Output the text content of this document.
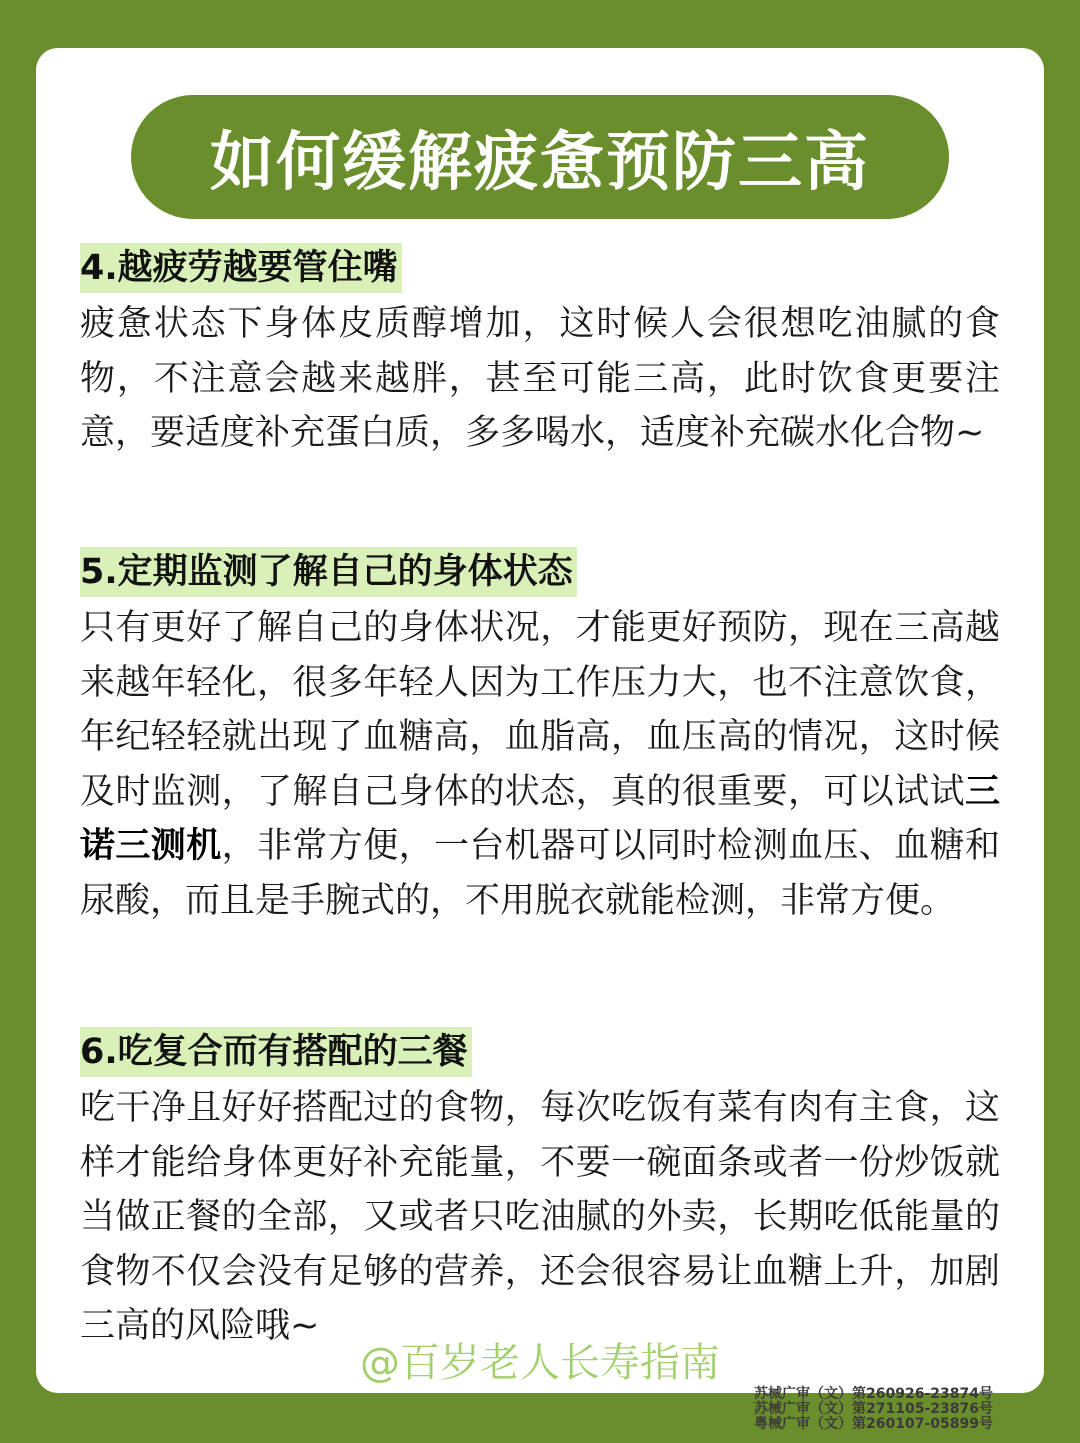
如何缓解疲惫预防三高
4.越疲劳越要管住嘴
疲惫状态下身体皮质醇增加，这时候人会很想吃油腻的食物，不注意会越来越胖，甚至可能三高，此时饮食更要注意，要适度补充蛋白质，多多喝水，适度补充碳水化合物~
5.定期监测了解自己的身体状态
只有更好了解自己的身体状况，才能更好预防，现在三高越来越年轻化，很多年轻人因为工作压力大，也不注意饮食，年纪轻轻就出现了血糖高，血脂高，血压高的情况，这时候及时监测，了解自己身体的状态，真的很重要，可以试试三诺三测机，非常方便，一台机器可以同时检测血压、血糖和尿酸，而且是手腕式的，不用脱衣就能检测，非常方便。
6.吃复合而有搭配的三餐
吃干净且好好搭配过的食物，每次吃饭有菜有肉有主食，这样才能给身体更好补充能量，不要一碗面条或者一份炒饭就当做正餐的全部，又或者只吃油腻的外卖，长期吃低能量的食物不仅会没有足够的营养，还会很容易让血糖上升，加剧三高的风险哦~
@百岁老人长寿指南
苏械广审（文）第260926-23874号
苏械广审（文）第271105-23876号
粤械广审（文）第260107-05899号
